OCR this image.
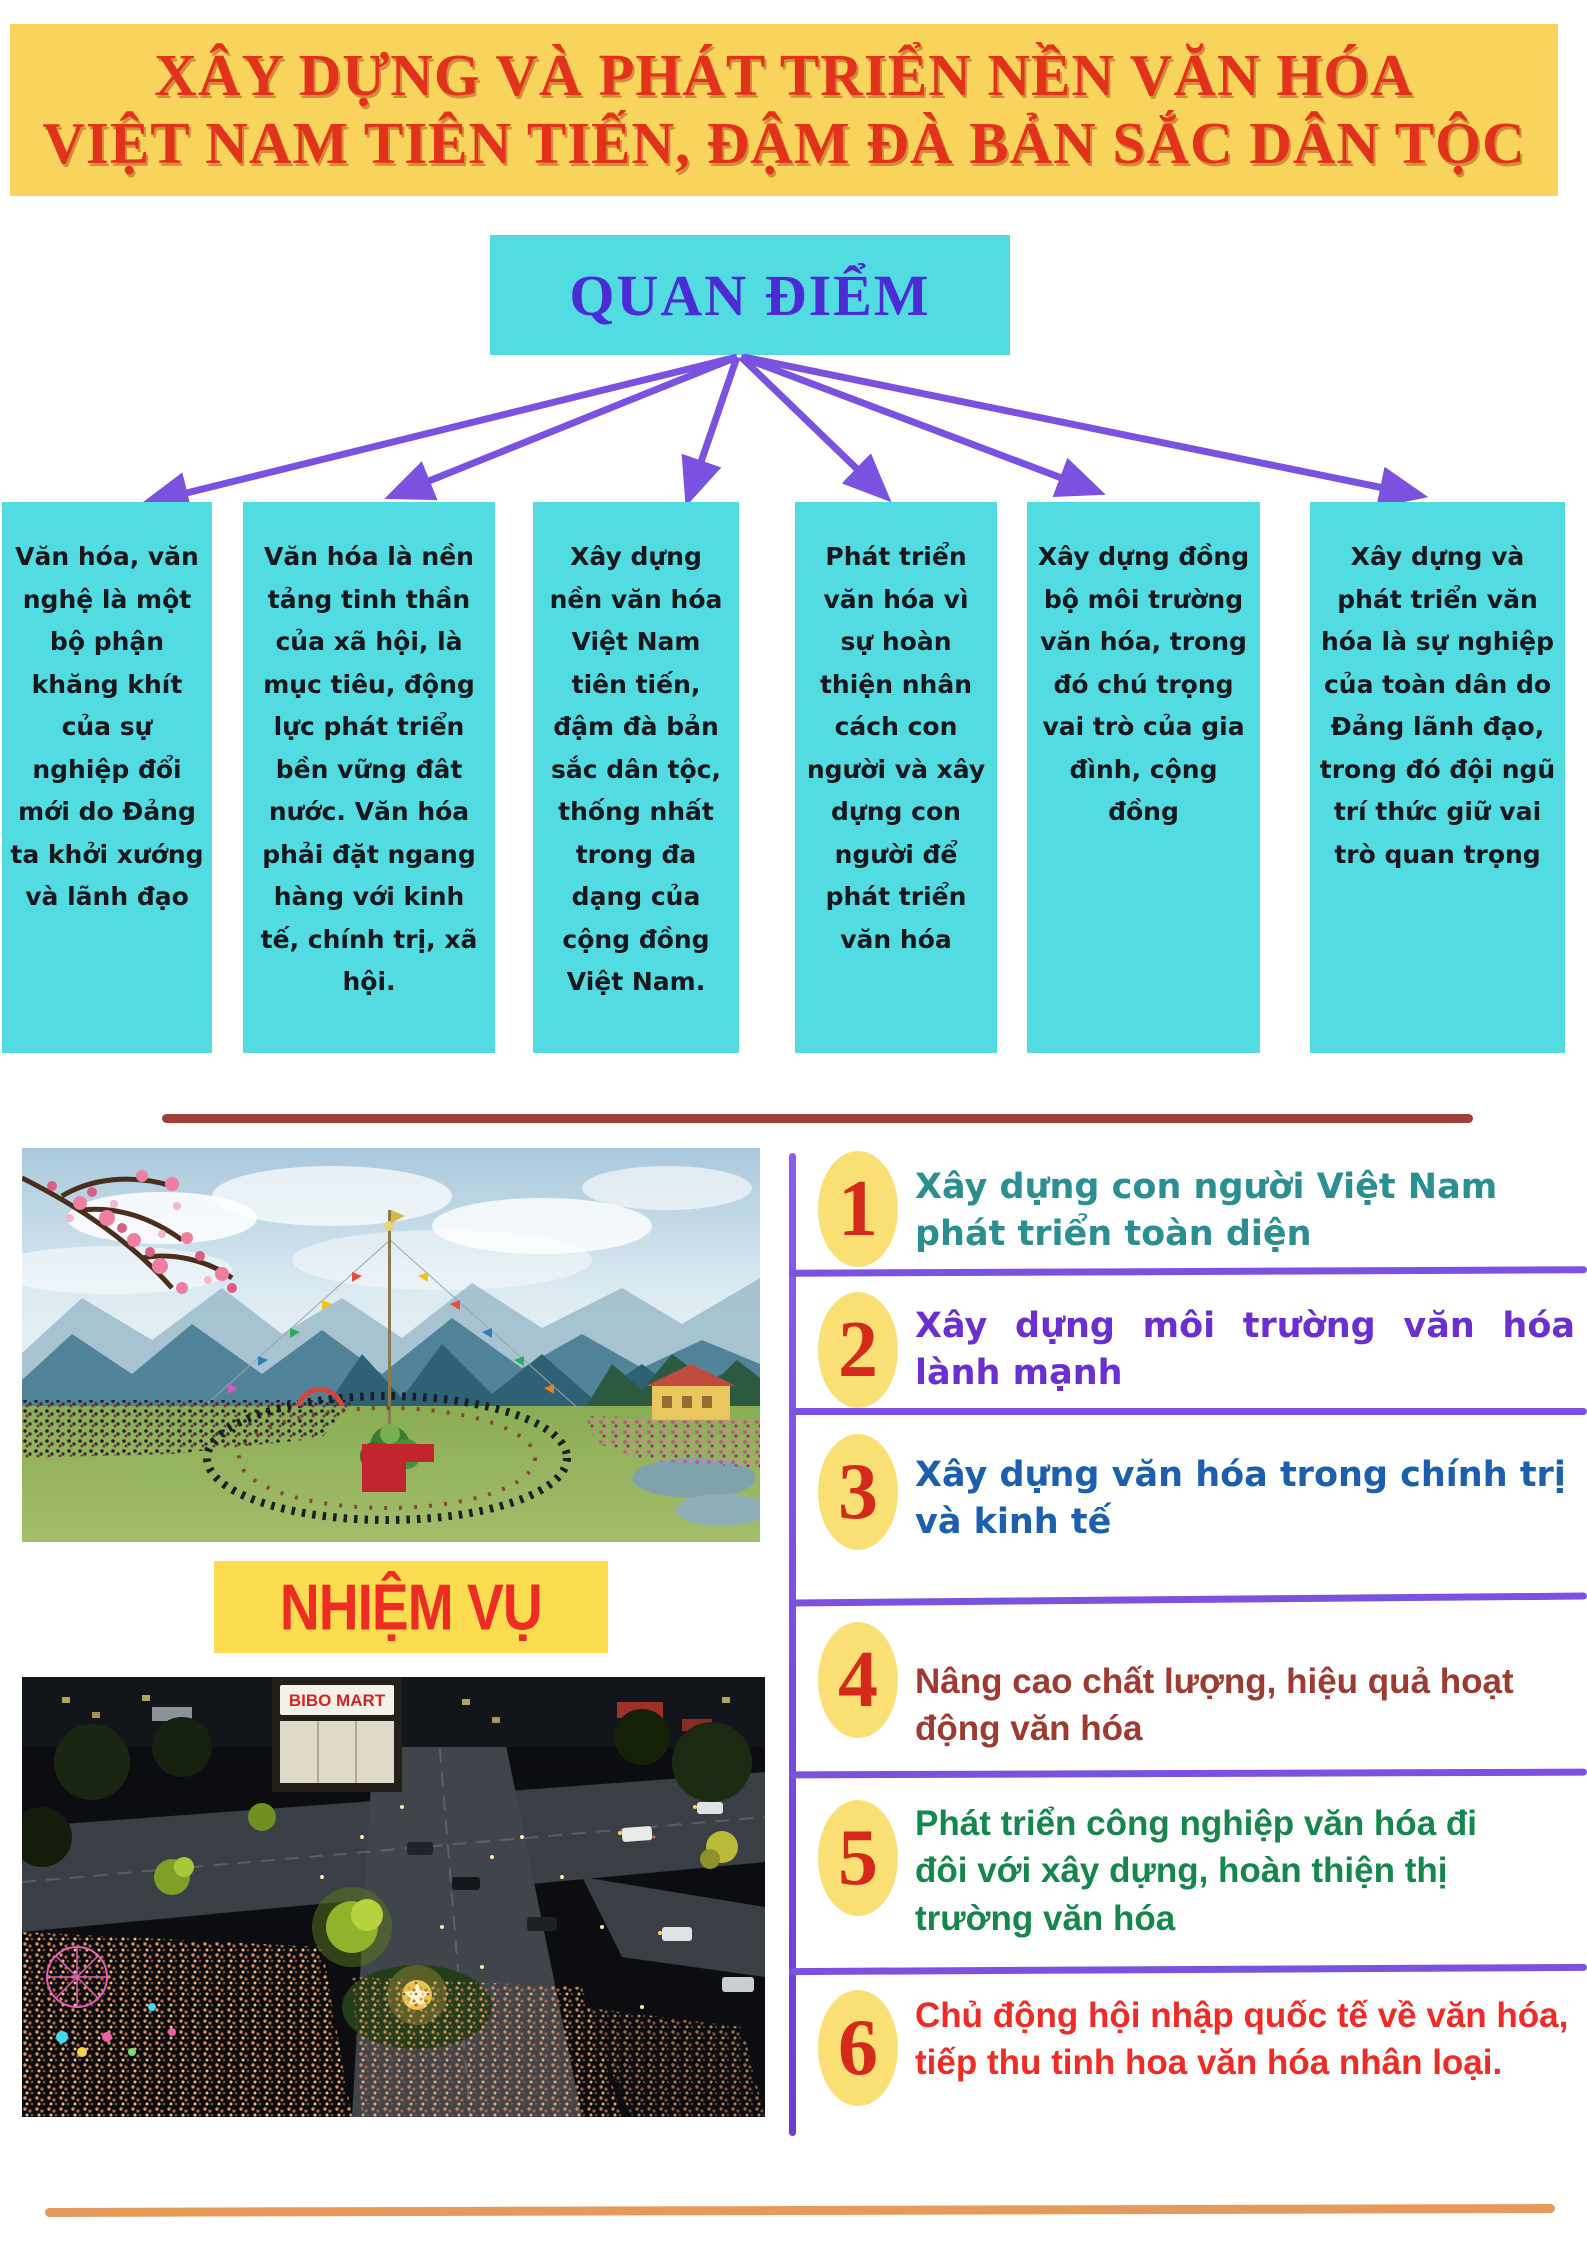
XÂY DỰNG VÀ PHÁT TRIỂN NỀN VĂN HÓA
VIỆT NAM TIÊN TIẾN, ĐẬM ĐÀ BẢN SẮC DÂN TỘC
QUAN ĐIỂM
Văn hóa, văn nghệ là một bộ phận khăng khít của sự nghiệp đổi mới do Đảng ta khởi xướng và lãnh đạo
Văn hóa là nền tảng tinh thần của xã hội, là mục tiêu, động lực phát triển bền vững đât nước. Văn hóa phải đặt ngang hàng với kinh tế, chính trị, xã hội.
Xây dựng nền văn hóa Việt Nam tiên tiến, đậm đà bản sắc dân tộc, thống nhất trong đa dạng của cộng đồng Việt Nam.
Phát triển văn hóa vì sự hoàn thiện nhân cách con người và xây dựng con người để phát triển văn hóa
Xây dựng đồng bộ môi trường văn hóa, trong đó chú trọng vai trò của gia đình, cộng đồng
Xây dựng và phát triển văn hóa là sự nghiệp của toàn dân do Đảng lãnh đạo, trong đó đội ngũ trí thức giữ vai trò quan trọng
NHIỆM VỤ
BIBO MART
1
2
3
4
5
6
Xây dựng con người Việt Nam phát triển toàn diện
Xây dựng môi trường văn hóa lành mạnh
Xây dựng văn hóa trong chính trị và kinh tế
Nâng cao chất lượng, hiệu quả hoạt động văn hóa
Phát triển công nghiệp văn hóa đi đôi với xây dựng, hoàn thiện thị trường văn hóa
Chủ động hội nhập quốc tế về văn hóa, tiếp thu tinh hoa văn hóa nhân loại.
